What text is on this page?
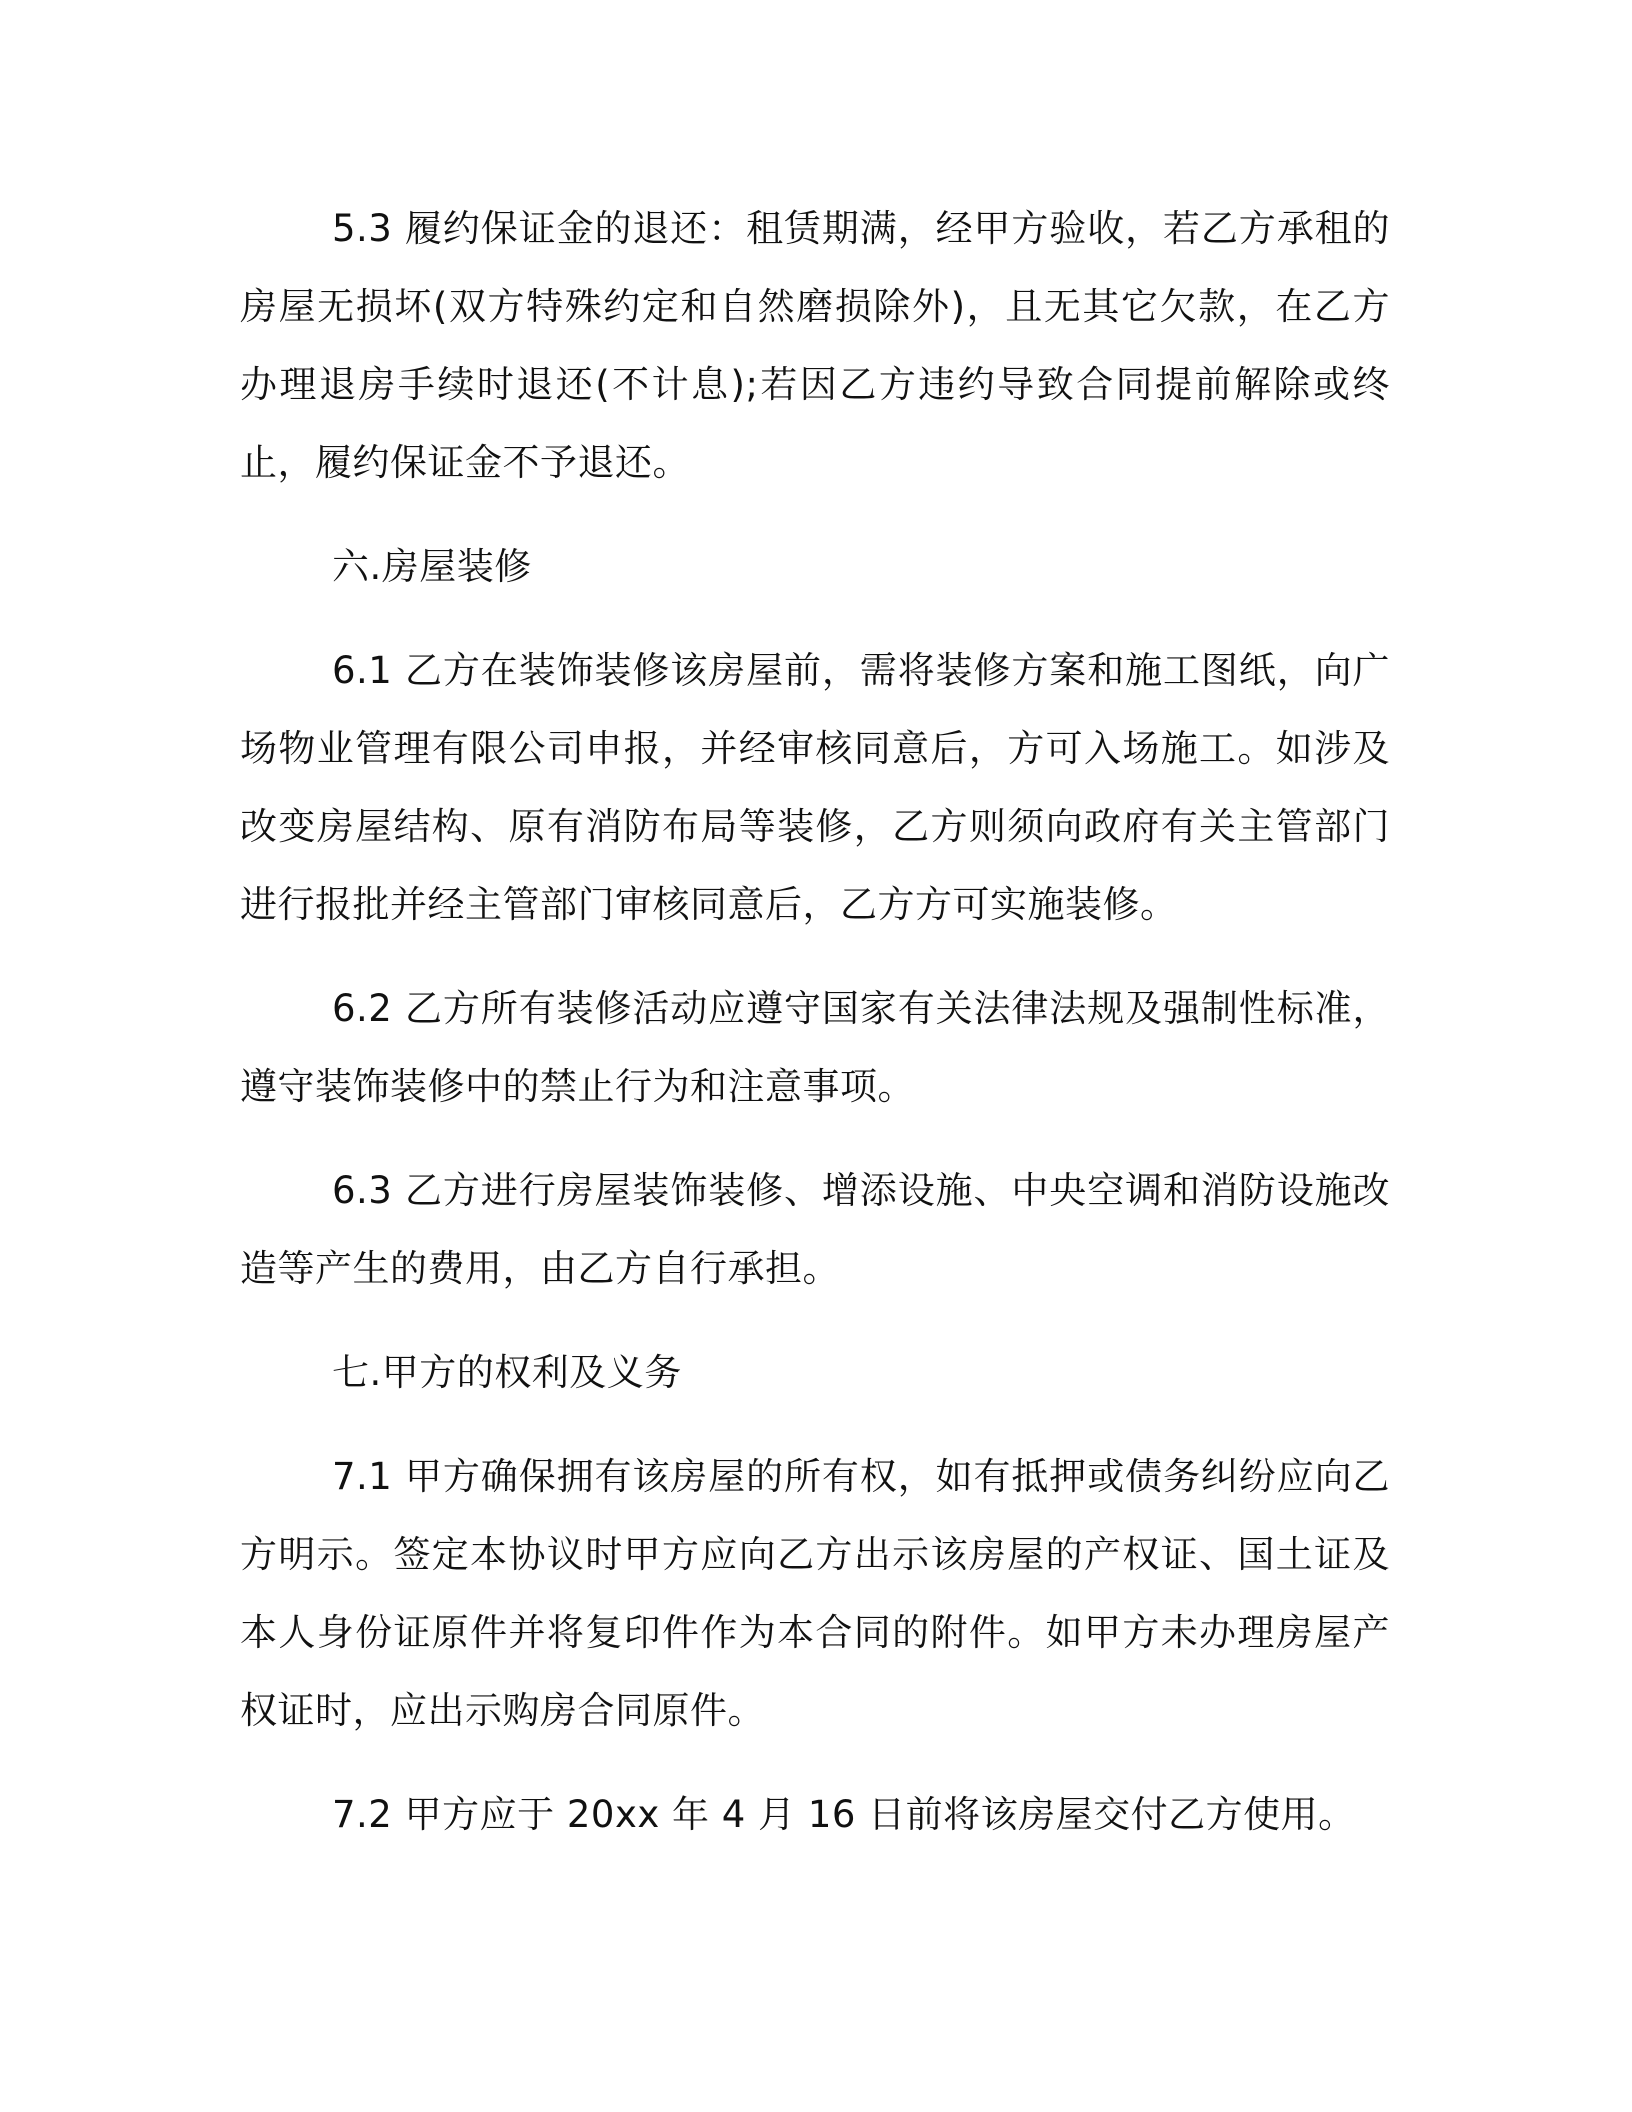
5.3 履约保证金的退还：租赁期满，经甲方验收，若乙方承租的房屋无损坏(双方特殊约定和自然磨损除外)，且无其它欠款，在乙方办理退房手续时退还(不计息);若因乙方违约导致合同提前解除或终止，履约保证金不予退还。

六.房屋装修

6.1 乙方在装饰装修该房屋前，需将装修方案和施工图纸，向广场物业管理有限公司申报，并经审核同意后，方可入场施工。如涉及改变房屋结构、原有消防布局等装修，乙方则须向政府有关主管部门进行报批并经主管部门审核同意后，乙方方可实施装修。

6.2 乙方所有装修活动应遵守国家有关法律法规及强制性标准，遵守装饰装修中的禁止行为和注意事项。

6.3 乙方进行房屋装饰装修、增添设施、中央空调和消防设施改造等产生的费用，由乙方自行承担。

七.甲方的权利及义务

7.1 甲方确保拥有该房屋的所有权，如有抵押或债务纠纷应向乙方明示。签定本协议时甲方应向乙方出示该房屋的产权证、国土证及本人身份证原件并将复印件作为本合同的附件。如甲方未办理房屋产权证时，应出示购房合同原件。

7.2 甲方应于 20xx 年 4 月 16 日前将该房屋交付乙方使用。
